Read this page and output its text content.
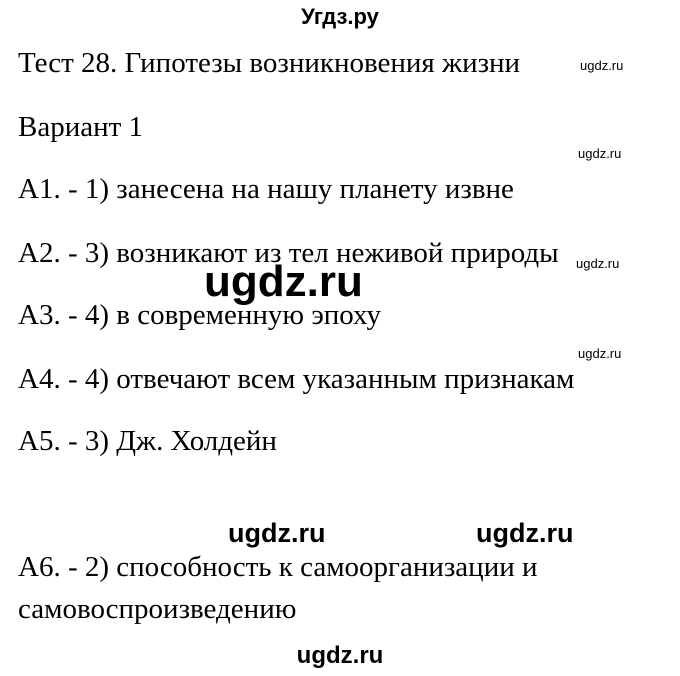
Угдз.ру
Тест 28. Гипотезы возникновения жизни
Вариант 1
А1. - 1) занесена на нашу планету извне
А2. - 3) возникают из тел неживой природы
А3. - 4) в современную эпоху
А4. - 4) отвечают всем указанным признакам
А5. - 3) Дж. Холдейн
А6. - 2) способность к самоорганизации и
самовоспроизведению
ugdz.ru
ugdz.ru
ugdz.ru
ugdz.ru
ugdz.ru
ugdz.ru	ugdz.ru
ugdz.ru
